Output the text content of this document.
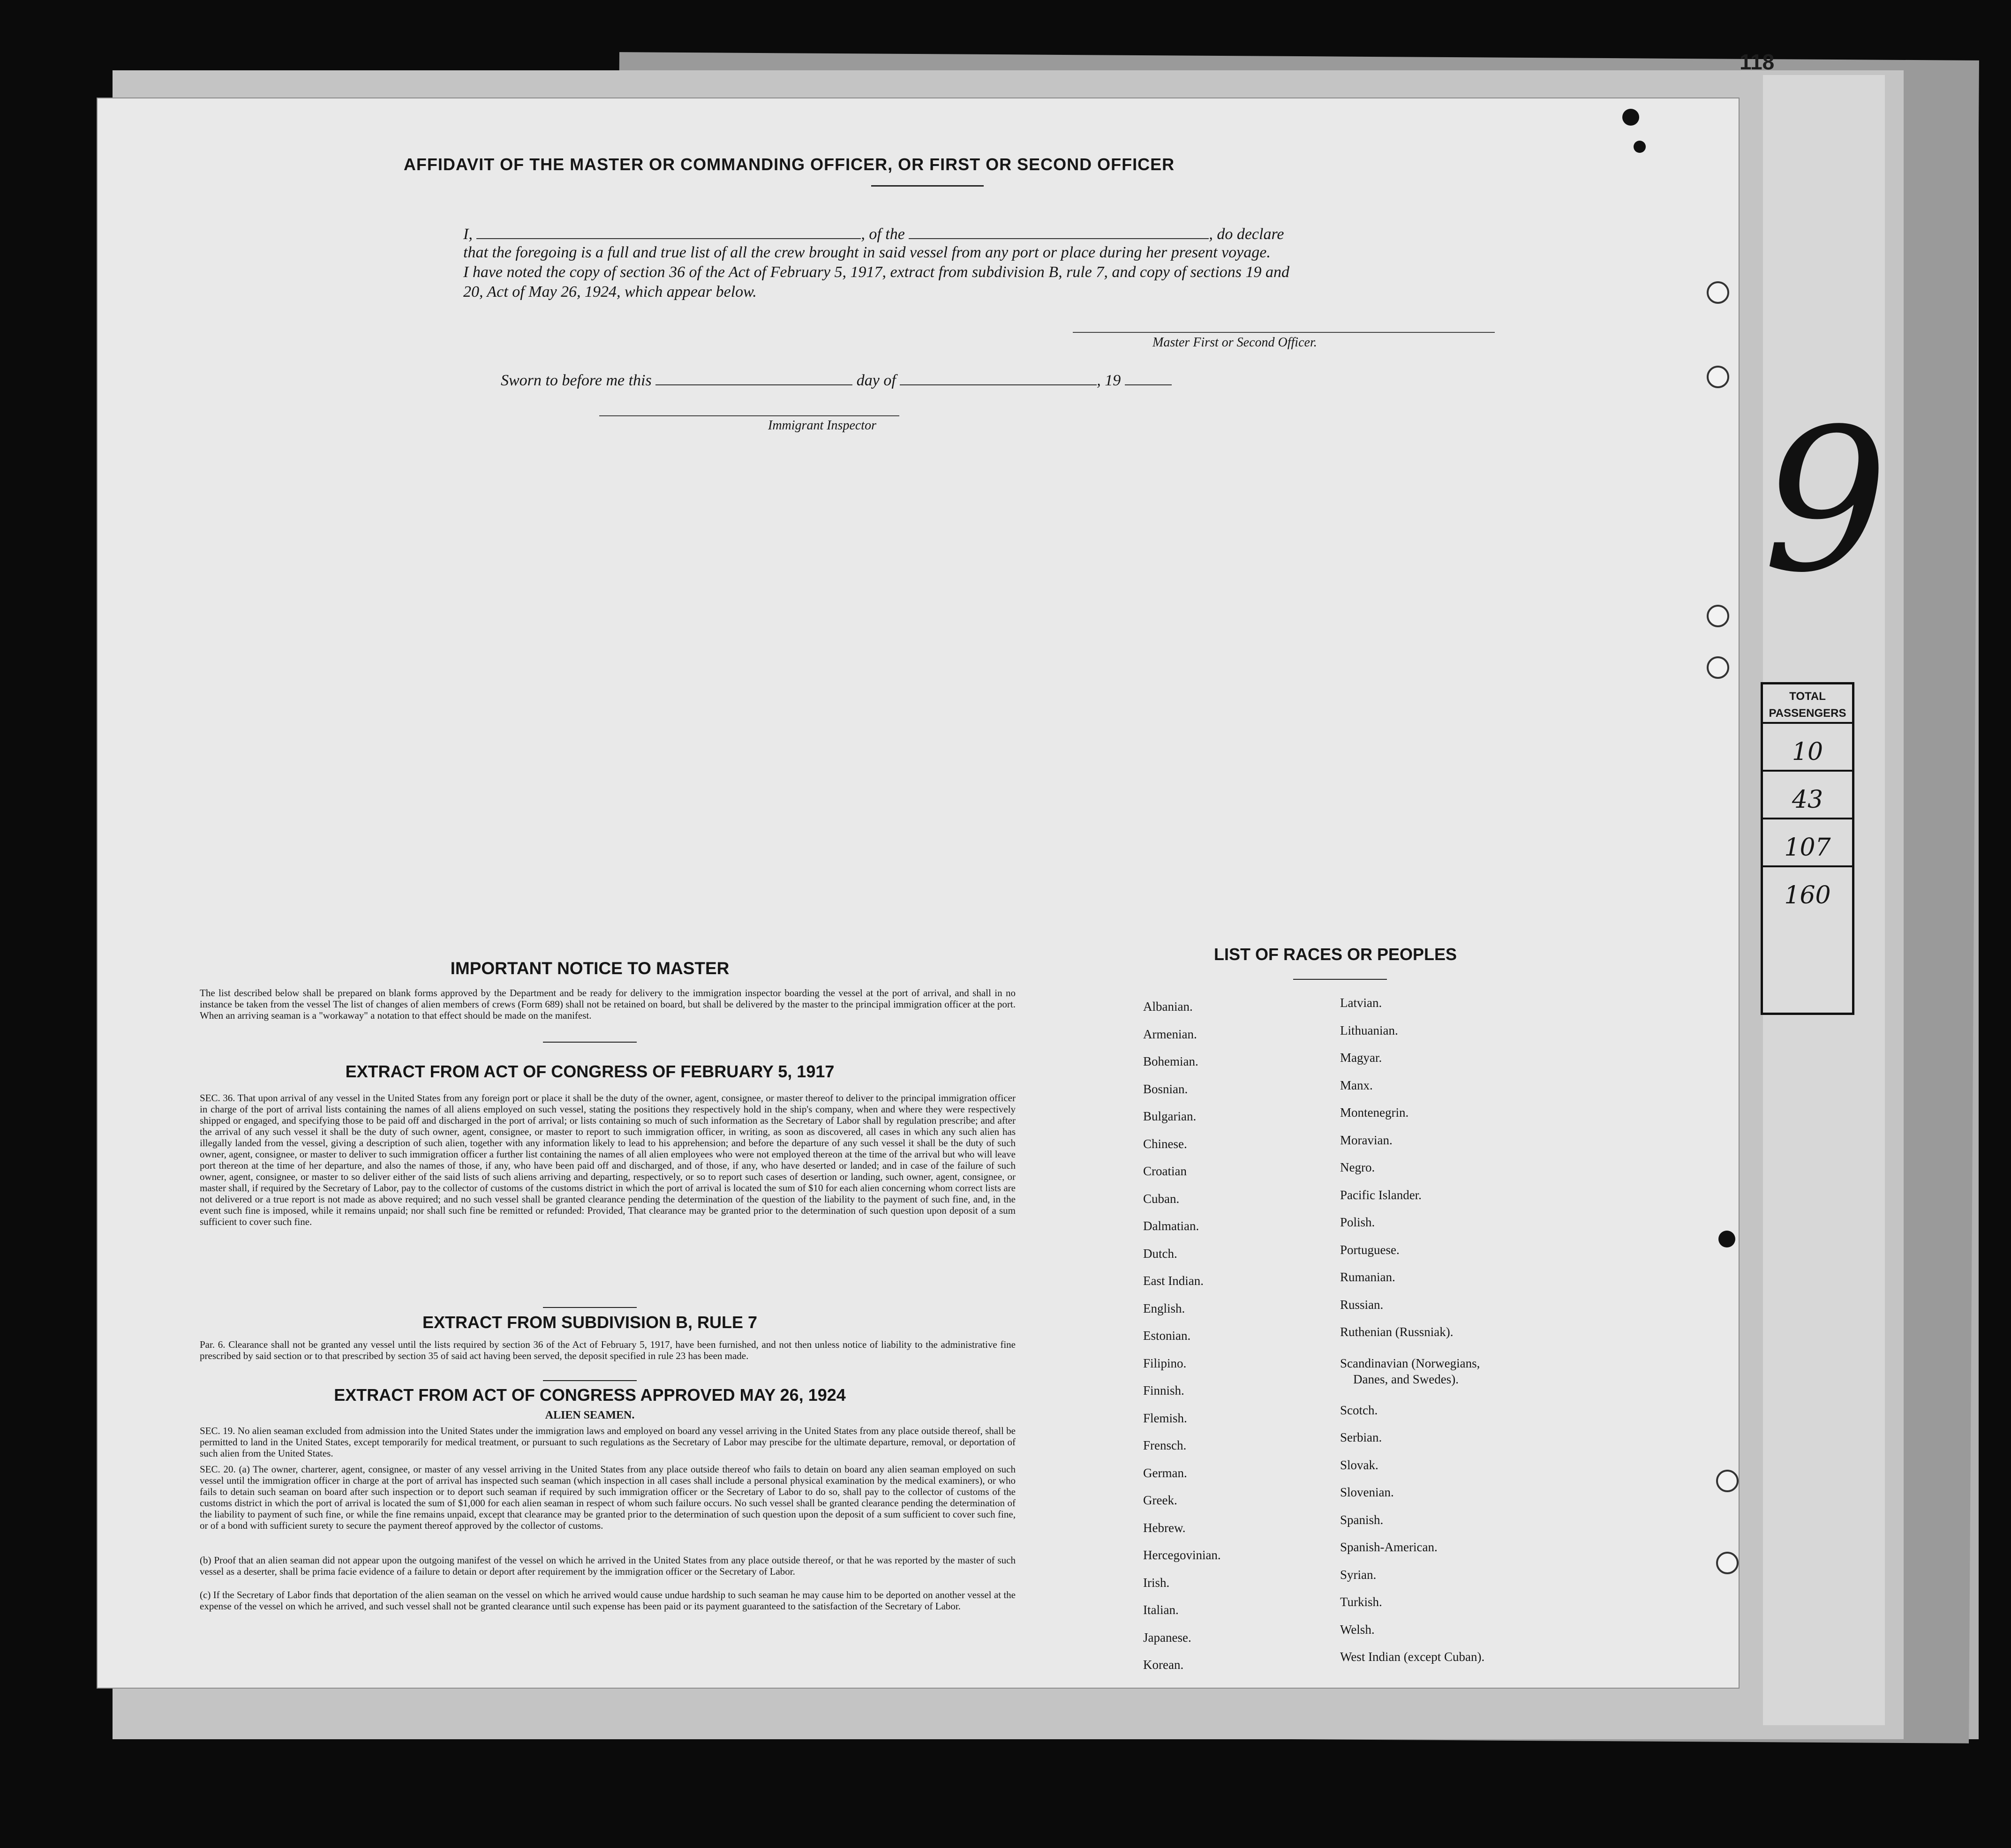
9
TOTAL
PASSENGERS
10
43
107
160
118
AFFIDAVIT OF THE MASTER OR COMMANDING OFFICER, OR FIRST OR SECOND OFFICER
I,	, of the	, do declare
that the foregoing is a full and true list of all the crew brought in said vessel from any port or place during her present voyage.
I have noted the copy of section 36 of the Act of February 5, 1917, extract from subdivision B, rule 7, and copy of sections 19 and
20, Act of May 26, 1924, which appear below.
Master First or Second Officer.
Sworn to before me this	day of	, 19
Immigrant Inspector
IMPORTANT NOTICE TO MASTER
The list described below shall be prepared on blank forms approved by the Department and be ready for delivery to the immigration inspector boarding the vessel at the port of arrival, and shall in no instance be taken from the vessel The list of changes of alien members of crews (Form 689) shall not be retained on board, but shall be delivered by the master to the principal immigration officer at the port. When an arriving seaman is a "workaway" a notation to that effect should be made on the manifest.
EXTRACT FROM ACT OF CONGRESS OF FEBRUARY 5, 1917
SEC. 36. That upon arrival of any vessel in the United States from any foreign port or place it shall be the duty of the owner, agent, consignee, or master thereof to deliver to the principal immigration officer in charge of the port of arrival lists containing the names of all aliens employed on such vessel, stating the positions they respectively hold in the ship's company, when and where they were respectively shipped or engaged, and specifying those to be paid off and discharged in the port of arrival; or lists containing so much of such information as the Secretary of Labor shall by regulation prescribe; and after the arrival of any such vessel it shall be the duty of such owner, agent, consignee, or master to report to such immigration officer, in writing, as soon as discovered, all cases in which any such alien has illegally landed from the vessel, giving a description of such alien, together with any information likely to lead to his apprehension; and before the departure of any such vessel it shall be the duty of such owner, agent, consignee, or master to deliver to such immigration officer a further list containing the names of all alien employees who were not employed thereon at the time of the arrival but who will leave port thereon at the time of her departure, and also the names of those, if any, who have been paid off and discharged, and of those, if any, who have deserted or landed; and in case of the failure of such owner, agent, consignee, or master to so deliver either of the said lists of such aliens arriving and departing, respectively, or so to report such cases of desertion or landing, such owner, agent, consignee, or master shall, if required by the Secretary of Labor, pay to the collector of customs of the customs district in which the port of arrival is located the sum of $10 for each alien concerning whom correct lists are not delivered or a true report is not made as above required; and no such vessel shall be granted clearance pending the determination of the question of the liability to the payment of such fine, and, in the event such fine is imposed, while it remains unpaid; nor shall such fine be remitted or refunded: Provided, That clearance may be granted prior to the determination of such question upon deposit of a sum sufficient to cover such fine.
EXTRACT FROM SUBDIVISION B, RULE 7
Par. 6. Clearance shall not be granted any vessel until the lists required by section 36 of the Act of February 5, 1917, have been furnished, and not then unless notice of liability to the administrative fine prescribed by said section or to that prescribed by section 35 of said act having been served, the deposit specified in rule 23 has been made.
EXTRACT FROM ACT OF CONGRESS APPROVED MAY 26, 1924
ALIEN SEAMEN.
SEC. 19. No alien seaman excluded from admission into the United States under the immigration laws and employed on board any vessel arriving in the United States from any place outside thereof, shall be permitted to land in the United States, except temporarily for medical treatment, or pursuant to such regulations as the Secretary of Labor may prescibe for the ultimate departure, removal, or deportation of such alien from the United States.
SEC. 20. (a) The owner, charterer, agent, consignee, or master of any vessel arriving in the United States from any place outside thereof who fails to detain on board any alien seaman employed on such vessel until the immigration officer in charge at the port of arrival has inspected such seaman (which inspection in all cases shall include a personal physical examination by the medical examiners), or who fails to detain such seaman on board after such inspection or to deport such seaman if required by such immigration officer or the Secretary of Labor to do so, shall pay to the collector of customs of the customs district in which the port of arrival is located the sum of $1,000 for each alien seaman in respect of whom such failure occurs. No such vessel shall be granted clearance pending the determination of the liability to payment of such fine, or while the fine remains unpaid, except that clearance may be granted prior to the determination of such question upon the deposit of a sum sufficient to cover such fine, or of a bond with sufficient surety to secure the payment thereof approved by the collector of customs.
(b) Proof that an alien seaman did not appear upon the outgoing manifest of the vessel on which he arrived in the United States from any place outside thereof, or that he was reported by the master of such vessel as a deserter, shall be prima facie evidence of a failure to detain or deport after requirement by the immigration officer or the Secretary of Labor.
(c) If the Secretary of Labor finds that deportation of the alien seaman on the vessel on which he arrived would cause undue hardship to such seaman he may cause him to be deported on another vessel at the expense of the vessel on which he arrived, and such vessel shall not be granted clearance until such expense has been paid or its payment guaranteed to the satisfaction of the Secretary of Labor.
LIST OF RACES OR PEOPLES
Albanian.
Armenian.
Bohemian.
Bosnian.
Bulgarian.
Chinese.
Croatian
Cuban.
Dalmatian.
Dutch.
East Indian.
English.
Estonian.
Filipino.
Finnish.
Flemish.
Frensch.
German.
Greek.
Hebrew.
Hercegovinian.
Irish.
Italian.
Japanese.
Korean.
Latvian.
Lithuanian.
Magyar.
Manx.
Montenegrin.
Moravian.
Negro.
Pacific Islander.
Polish.
Portuguese.
Rumanian.
Russian.
Ruthenian (Russniak).
Scandinavian (Norwegians,
Danes, and Swedes).
Scotch.
Serbian.
Slovak.
Slovenian.
Spanish.
Spanish-American.
Syrian.
Turkish.
Welsh.
West Indian (except Cuban).
